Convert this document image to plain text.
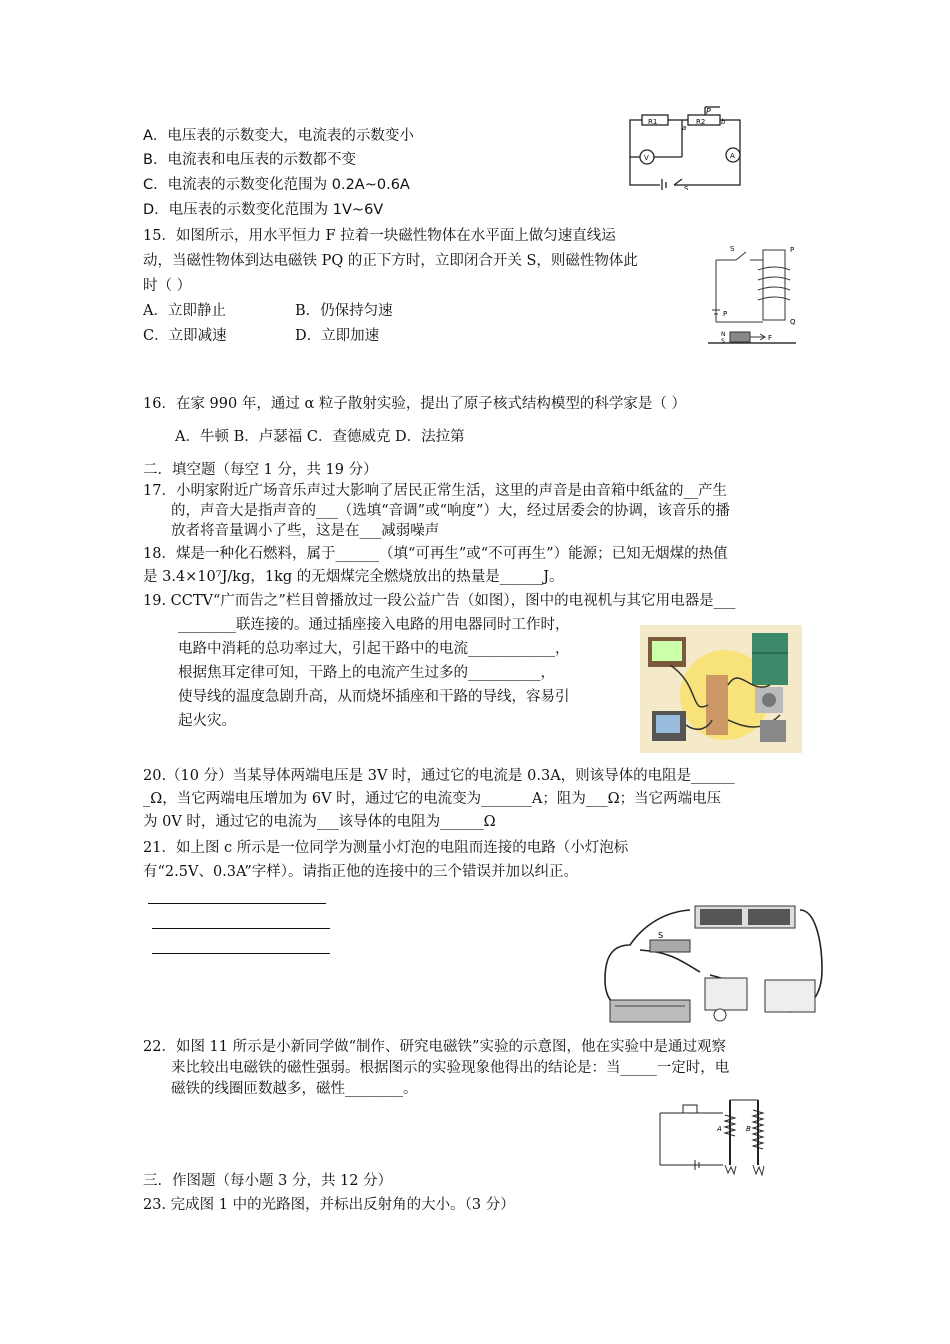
A．电压表的示数变大，电流表的示数变小
B．电流表和电压表的示数都不变
C．电流表的示数变化范围为 0.2A~0.6A
D．电压表的示数变化范围为 1V~6V
R1	R2
P
a
b
V	A
S
15．如图所示，用水平恒力 F 拉着一块磁性物体在水平面上做匀速直线运
动，当磁性物体到达电磁铁 PQ 的正下方时，立即闭合开关 S，则磁性物体此
时（ ）
A．立即静止	B．仍保持匀速
C．立即减速	D．立即加速
S	P
Q
P
N
S	F
16．在家 990 年，通过 α 粒子散射实验，提出了原子核式结构模型的科学家是（ ）
A．牛顿 B．卢瑟福 C．查德威克 D．法拉第
二．填空题（每空 1 分，共 19 分）
17．小明家附近广场音乐声过大影响了居民正常生活，这里的声音是由音箱中纸盆的__产生
的，声音大是指声音的___（选填“音调”或“响度”）大，经过居委会的协调，该音乐的播
放者将音量调小了些，这是在___减弱噪声
18．煤是一种化石燃料，属于______（填“可再生”或“不可再生”）能源；已知无烟煤的热值
是 3.4×10⁷J/kg，1kg 的无烟煤完全燃烧放出的热量是______J。
19. CCTV“广而告之”栏目曾播放过一段公益广告（如图），图中的电视机与其它用电器是___
________联连接的。通过插座接入电路的用电器同时工作时，
电路中消耗的总功率过大，引起干路中的电流____________，
根据焦耳定律可知，干路上的电流产生过多的__________，
使导线的温度急剧升高，从而烧坏插座和干路的导线，容易引
起火灾。
20.（10 分）当某导体两端电压是 3V 时，通过它的电流是 0.3A，则该导体的电阻是______
_Ω，当它两端电压增加为 6V 时，通过它的电流变为_______A；阻为___Ω；当它两端电压
为 0V 时，通过它的电流为___该导体的电阻为______Ω
21．如上图 c 所示是一位同学为测量小灯泡的电阻而连接的电路（小灯泡标
有“2.5V、0.3A”字样）。请指正他的连接中的三个错误并加以纠正。
S
22．如图 11 所示是小新同学做“制作、研究电磁铁”实验的示意图，他在实验中是通过观察
来比较出电磁铁的磁性强弱。根据图示的实验现象他得出的结论是：当_____一定时，电
磁铁的线圈匝数越多，磁性________。
A	B
三．作图题（每小题 3 分，共 12 分）
23. 完成图 1 中的光路图，并标出反射角的大小。（3 分）
